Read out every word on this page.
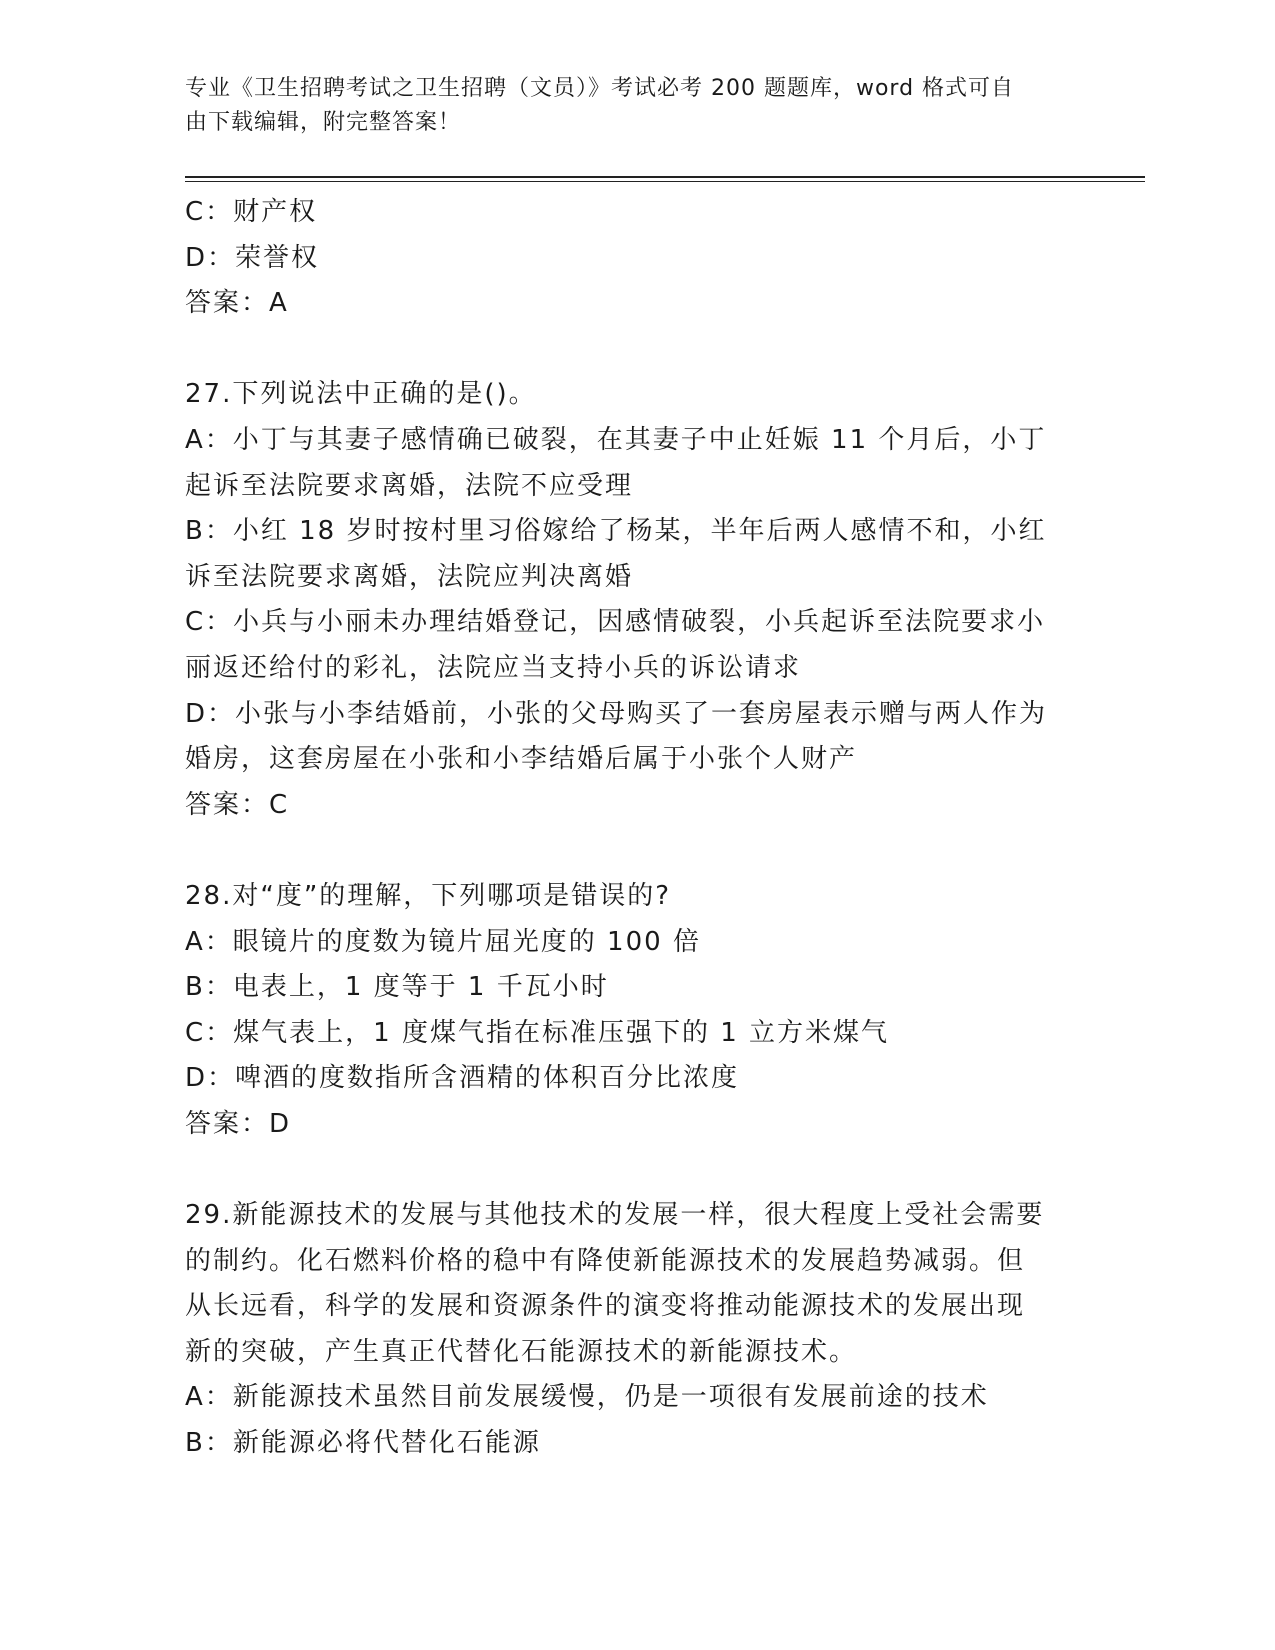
专业《卫生招聘考试之卫生招聘（文员）》考试必考 200 题题库，word 格式可自
由下载编辑，附完整答案！
C：财产权
D：荣誉权
答案：A
27.下列说法中正确的是()。
A：小丁与其妻子感情确已破裂，在其妻子中止妊娠 11 个月后，小丁
起诉至法院要求离婚，法院不应受理
B：小红 18 岁时按村里习俗嫁给了杨某，半年后两人感情不和，小红
诉至法院要求离婚，法院应判决离婚
C：小兵与小丽未办理结婚登记，因感情破裂，小兵起诉至法院要求小
丽返还给付的彩礼，法院应当支持小兵的诉讼请求
D：小张与小李结婚前，小张的父母购买了一套房屋表示赠与两人作为
婚房，这套房屋在小张和小李结婚后属于小张个人财产
答案：C
28.对“度”的理解，下列哪项是错误的?
A：眼镜片的度数为镜片屈光度的 100 倍
B：电表上，1 度等于 1 千瓦小时
C：煤气表上，1 度煤气指在标准压强下的 1 立方米煤气
D：啤酒的度数指所含酒精的体积百分比浓度
答案：D
29.新能源技术的发展与其他技术的发展一样，很大程度上受社会需要
的制约。化石燃料价格的稳中有降使新能源技术的发展趋势减弱。但
从长远看，科学的发展和资源条件的演变将推动能源技术的发展出现
新的突破，产生真正代替化石能源技术的新能源技术。
A：新能源技术虽然目前发展缓慢，仍是一项很有发展前途的技术
B：新能源必将代替化石能源
